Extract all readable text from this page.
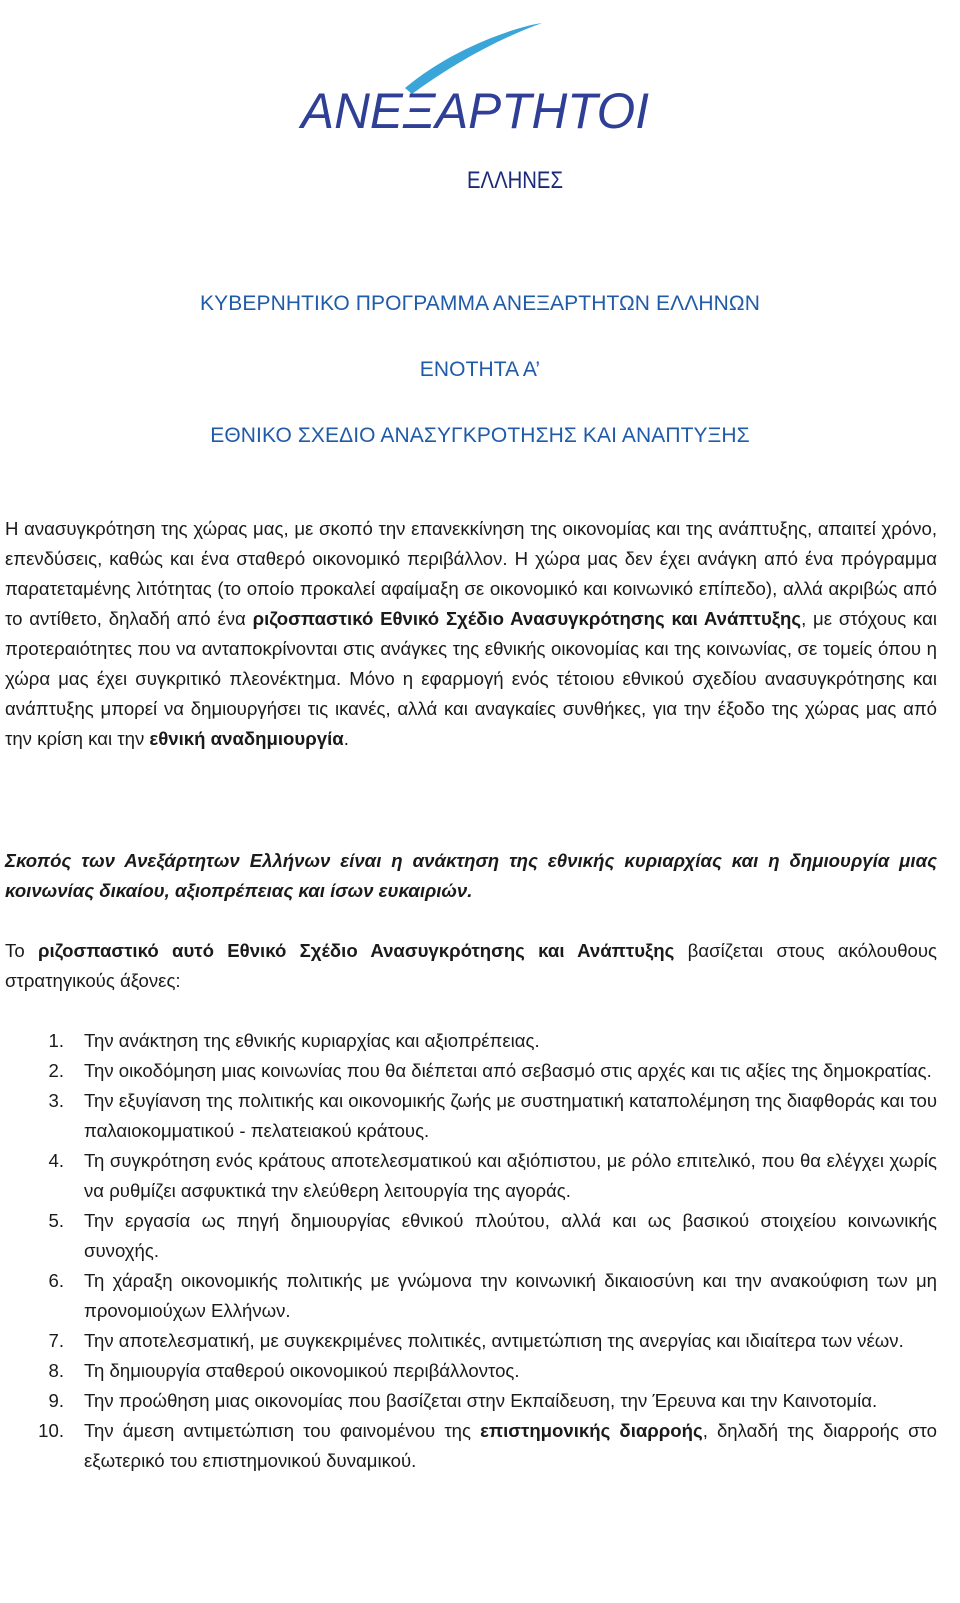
ΑΝΕΞΑΡΤΗΤΟΙ
ΕΛΛΗΝΕΣ
ΚΥΒΕΡΝΗΤΙΚΟ ΠΡΟΓΡΑΜΜΑ ΑΝΕΞΑΡΤΗΤΩΝ ΕΛΛΗΝΩΝ
ΕΝΟΤΗΤΑ Α’
ΕΘΝΙΚΟ ΣΧΕΔΙΟ ΑΝΑΣΥΓΚΡΟΤΗΣΗΣ ΚΑΙ ΑΝΑΠΤΥΞΗΣ

Η ανασυγκρότηση της χώρας μας, με σκοπό την επανεκκίνηση της οικονομίας και της ανάπτυξης, απαιτεί χρόνο, επενδύσεις, καθώς και ένα σταθερό οικονομικό περιβάλλον. Η χώρα μας δεν έχει ανάγκη από ένα πρόγραμμα παρατεταμένης λιτότητας (το οποίο προκαλεί αφαίμαξη σε οικονομικό και κοινωνικό επίπεδο), αλλά ακριβώς από το αντίθετο, δηλαδή από ένα ριζοσπαστικό Εθνικό Σχέδιο Ανασυγκρότησης και Ανάπτυξης, με στόχους και προτεραιότητες που να ανταποκρίνονται στις ανάγκες της εθνικής οικονομίας και της κοινωνίας, σε τομείς όπου η χώρα μας έχει συγκριτικό πλεονέκτημα. Μόνο η εφαρμογή ενός τέτοιου εθνικού σχεδίου ανασυγκρότησης και ανάπτυξης μπορεί να δημιουργήσει τις ικανές, αλλά και αναγκαίες συνθήκες, για την έξοδο της χώρας μας από την κρίση και την εθνική αναδημιουργία.

Σκοπός των Ανεξάρτητων Ελλήνων είναι η ανάκτηση της εθνικής κυριαρχίας και η δημιουργία μιας κοινωνίας δικαίου, αξιοπρέπειας και ίσων ευκαιριών.

Το ριζοσπαστικό αυτό Εθνικό Σχέδιο Ανασυγκρότησης και Ανάπτυξης βασίζεται στους ακόλουθους στρατηγικούς άξονες:

1. Την ανάκτηση της εθνικής κυριαρχίας και αξιοπρέπειας.
2. Την οικοδόμηση μιας κοινωνίας που θα διέπεται από σεβασμό στις αρχές και τις αξίες της δημοκρατίας.
3. Την εξυγίανση της πολιτικής και οικονομικής ζωής με συστηματική καταπολέμηση της διαφθοράς και του παλαιοκομματικού - πελατειακού κράτους.
4. Τη συγκρότηση ενός κράτους αποτελεσματικού και αξιόπιστου, με ρόλο επιτελικό, που θα ελέγχει χωρίς να ρυθμίζει ασφυκτικά την ελεύθερη λειτουργία της αγοράς.
5. Την εργασία ως πηγή δημιουργίας εθνικού πλούτου, αλλά και ως βασικού στοιχείου κοινωνικής συνοχής.
6. Τη χάραξη οικονομικής πολιτικής με γνώμονα την κοινωνική δικαιοσύνη και την ανακούφιση των μη προνομιούχων Ελλήνων.
7. Την αποτελεσματική, με συγκεκριμένες πολιτικές, αντιμετώπιση της ανεργίας και ιδιαίτερα των νέων.
8. Τη δημιουργία σταθερού οικονομικού περιβάλλοντος.
9. Την προώθηση μιας οικονομίας που βασίζεται στην Εκπαίδευση, την Έρευνα και την Καινοτομία.
10. Την άμεση αντιμετώπιση του φαινομένου της επιστημονικής διαρροής, δηλαδή της διαρροής στο εξωτερικό του επιστημονικού δυναμικού.
